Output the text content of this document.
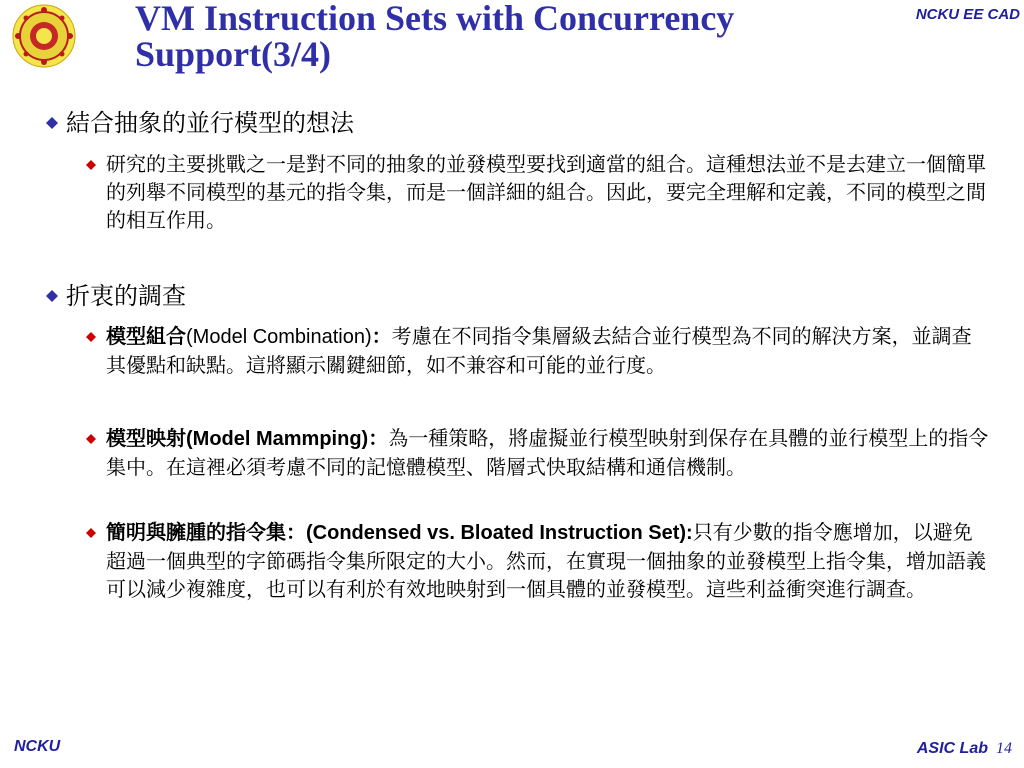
VM Instruction Sets with Concurrency Support(3/4)
NCKU EE CAD
結合抽象的並行模型的想法
研究的主要挑戰之一是對不同的抽象的並發模型要找到適當的組合。這種想法並不是去建立一個簡單的列舉不同模型的基元的指令集，而是一個詳細的組合。因此，要完全理解和定義，不同的模型之間的相互作用。
折衷的調查
模型組合(Model Combination)：考慮在不同指令集層級去結合並行模型為不同的解決方案，並調查其優點和缺點。這將顯示關鍵細節，如不兼容和可能的並行度。
模型映射(Model Mammping)：為一種策略，將虛擬並行模型映射到保存在具體的並行模型上的指令集中。在這裡必須考慮不同的記憶體模型、階層式快取結構和通信機制。
簡明與臃腫的指令集：(Condensed vs. Bloated Instruction Set):只有少數的指令應增加，以避免超過一個典型的字節碼指令集所限定的大小。然而，在實現一個抽象的並發模型上指令集，增加語義可以減少複雜度，也可以有利於有效地映射到一個具體的並發模型。這些利益衝突進行調查。
NCKU	ASIC Lab 14
